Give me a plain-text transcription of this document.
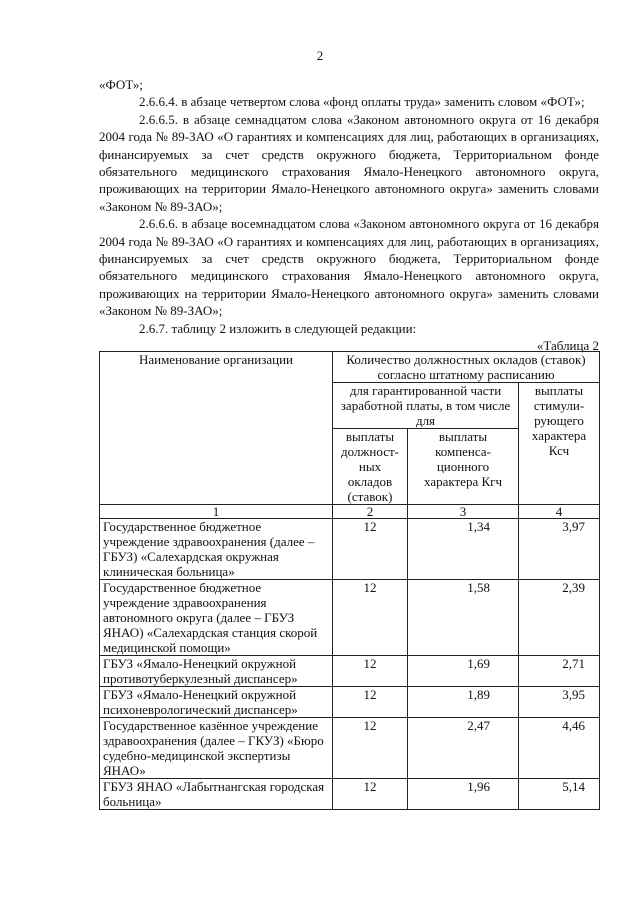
2

«ФОТ»;

2.6.6.4. в абзаце четвертом слова «фонд оплаты труда» заменить словом «ФОТ»;

2.6.6.5. в абзаце семнадцатом слова «Законом автономного округа от 16 декабря 2004 года № 89-ЗАО «О гарантиях и компенсациях для лиц, работающих в организациях, финансируемых за счет средств окружного бюджета, Территориальном фонде обязательного медицинского страхования Ямало-Ненецкого автономного округа, проживающих на территории Ямало-Ненецкого автономного округа» заменить словами «Законом № 89-ЗАО»;

2.6.6.6. в абзаце восемнадцатом слова «Законом автономного округа от 16 декабря 2004 года № 89-ЗАО «О гарантиях и компенсациях для лиц, работающих в организациях, финансируемых за счет средств окружного бюджета, Территориальном фонде обязательного медицинского страхования Ямало-Ненецкого автономного округа, проживающих на территории Ямало-Ненецкого автономного округа» заменить словами «Законом № 89-ЗАО»;

2.6.7. таблицу 2 изложить в следующей редакции:

«Таблица 2

Наименование организации	Количество должностных окладов (ставок) согласно штатному расписанию		
	для гарантированной части заработной платы, в том числе для		выплаты стимули-рующего характера Ксч
	выплаты должност-ных окладов (ставок)	выплаты компенса-ционного характера Кгч	
1	2	3	4
Государственное бюджетное учреждение здравоохранения (далее – ГБУЗ) «Салехардская окружная клиническая больница»	12	1,34	3,97
Государственное бюджетное учреждение здравоохранения автономного округа (далее – ГБУЗ ЯНАО) «Салехардская станция скорой медицинской помощи»	12	1,58	2,39
ГБУЗ «Ямало-Ненецкий окружной противотуберкулезный диспансер»	12	1,69	2,71
ГБУЗ «Ямало-Ненецкий окружной психоневрологический диспансер»	12	1,89	3,95
Государственное казённое учреждение здравоохранения (далее – ГКУЗ) «Бюро судебно-медицинской экспертизы ЯНАО»	12	2,47	4,46
ГБУЗ ЯНАО «Лабытнангская городская больница»	12	1,96	5,14
